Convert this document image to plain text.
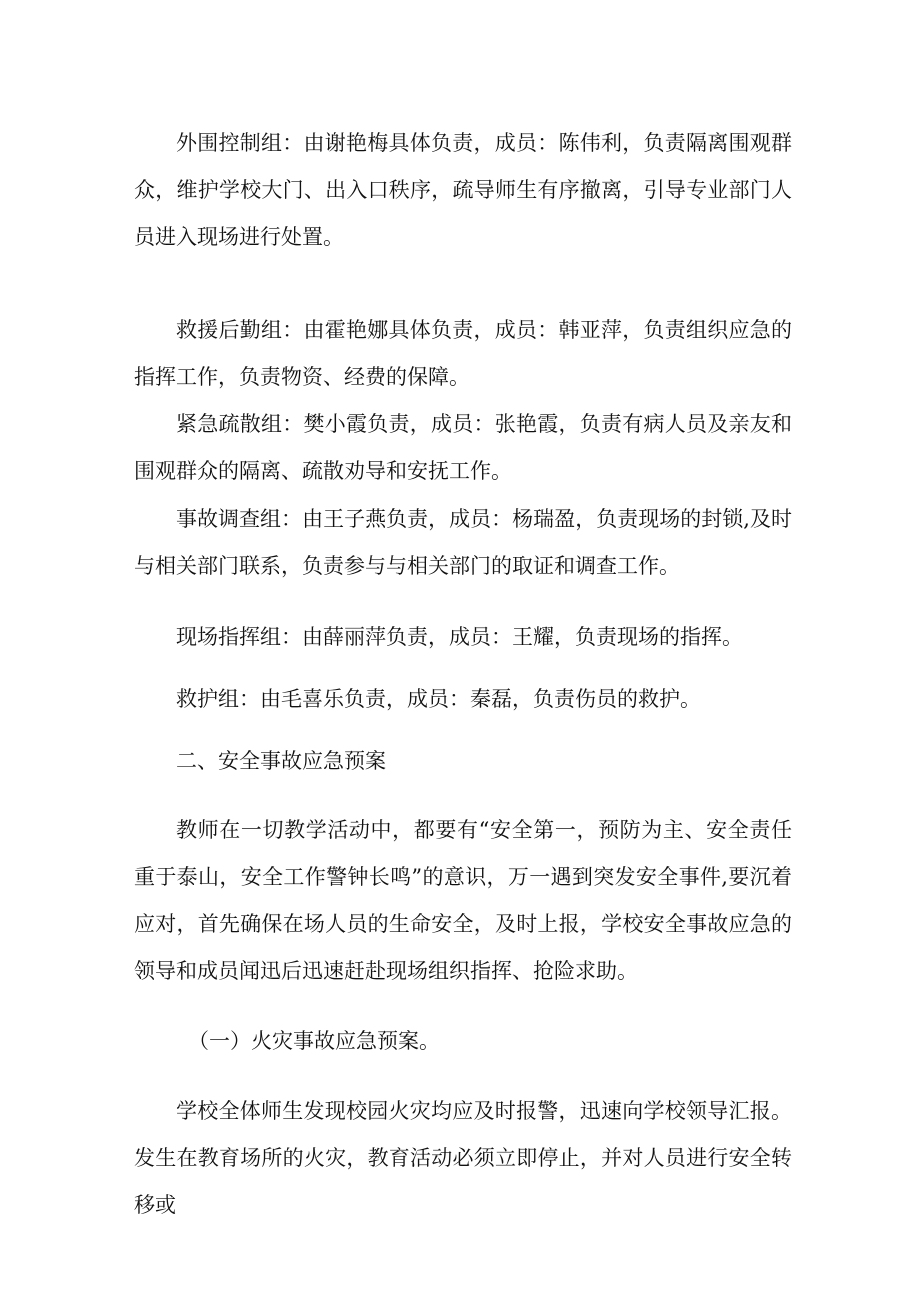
外围控制组：由谢艳梅具体负责，成员：陈伟利，负责隔离围观群众，维护学校大门、出入口秩序，疏导师生有序撤离，引导专业部门人员进入现场进行处置。

救援后勤组：由霍艳娜具体负责，成员：韩亚萍，负责组织应急的指挥工作，负责物资、经费的保障。

紧急疏散组：樊小霞负责，成员：张艳霞，负责有病人员及亲友和围观群众的隔离、疏散劝导和安抚工作。

事故调查组：由王子燕负责，成员：杨瑞盈，负责现场的封锁,及时与相关部门联系，负责参与与相关部门的取证和调查工作。

现场指挥组：由薛丽萍负责，成员：王耀，负责现场的指挥。

救护组：由毛喜乐负责，成员：秦磊，负责伤员的救护。

二、安全事故应急预案

教师在一切教学活动中，都要有“安全第一，预防为主、安全责任重于泰山，安全工作警钟长鸣”的意识，万一遇到突发安全事件,要沉着应对，首先确保在场人员的生命安全，及时上报，学校安全事故应急的领导和成员闻迅后迅速赶赴现场组织指挥、抢险求助。

（一）火灾事故应急预案。

学校全体师生发现校园火灾均应及时报警，迅速向学校领导汇报。发生在教育场所的火灾，教育活动必须立即停止，并对人员进行安全转移或
